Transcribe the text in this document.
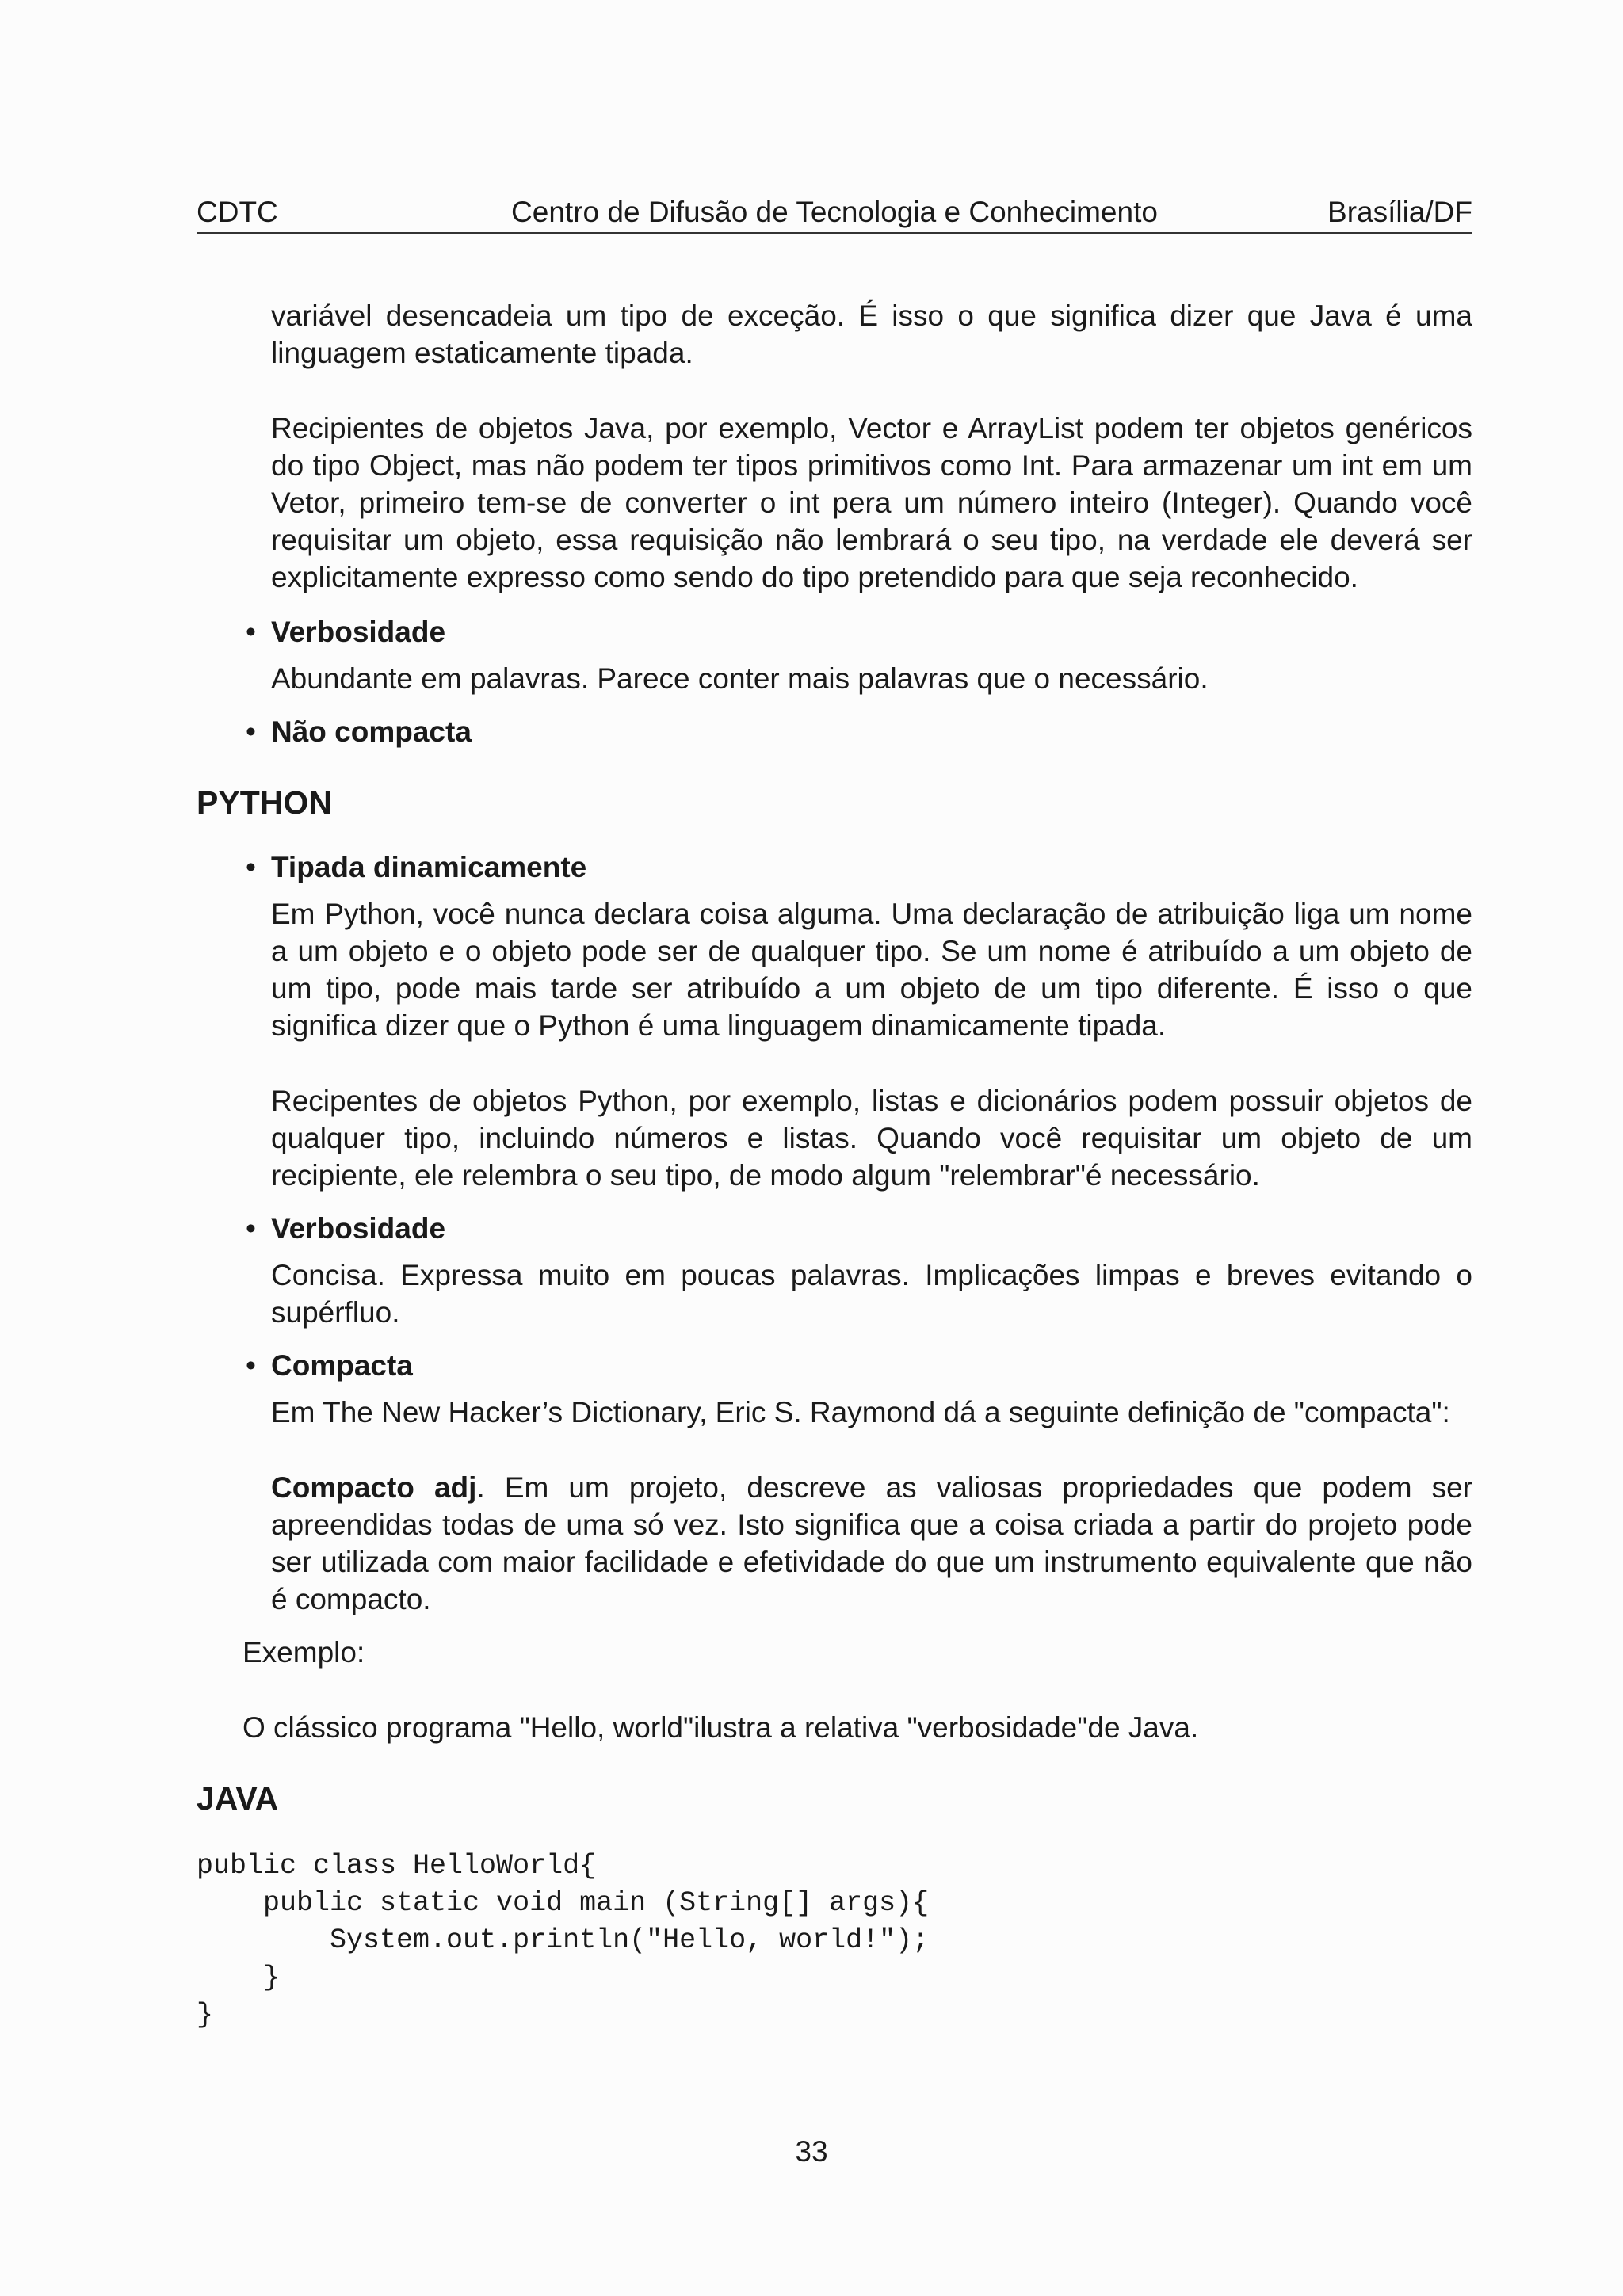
CDTC	Centro de Difusão de Tecnologia e Conhecimento	Brasília/DF

variável desencadeia um tipo de exceção. É isso o que significa dizer que Java é uma linguagem estaticamente tipada.

Recipientes de objetos Java, por exemplo, Vector e ArrayList podem ter objetos genéricos do tipo Object, mas não podem ter tipos primitivos como Int. Para armazenar um int em um Vetor, primeiro tem-se de converter o int pera um número inteiro (Integer). Quando você requisitar um objeto, essa requisição não lembrará o seu tipo, na verdade ele deverá ser explicitamente expresso como sendo do tipo pretendido para que seja reconhecido.

• Verbosidade

Abundante em palavras. Parece conter mais palavras que o necessário.

• Não compacta
PYTHON
• Tipada dinamicamente

Em Python, você nunca declara coisa alguma. Uma declaração de atribuição liga um nome a um objeto e o objeto pode ser de qualquer tipo. Se um nome é atribuído a um objeto de um tipo, pode mais tarde ser atribuído a um objeto de um tipo diferente. É isso o que significa dizer que o Python é uma linguagem dinamicamente tipada.

Recipentes de objetos Python, por exemplo, listas e dicionários podem possuir objetos de qualquer tipo, incluindo números e listas. Quando você requisitar um objeto de um recipiente, ele relembra o seu tipo, de modo algum "relembrar"é necessário.

• Verbosidade

Concisa. Expressa muito em poucas palavras. Implicações limpas e breves evitando o supérfluo.

• Compacta

Em The New Hacker’s Dictionary, Eric S. Raymond dá a seguinte definição de "compacta":

Compacto adj. Em um projeto, descreve as valiosas propriedades que podem ser apreendidas todas de uma só vez. Isto significa que a coisa criada a partir do projeto pode ser utilizada com maior facilidade e efetividade do que um instrumento equivalente que não é compacto.

Exemplo:

O clássico programa "Hello, world"ilustra a relativa "verbosidade"de Java.

JAVA
public class HelloWorld{
public static void main (String[] args){
System.out.println("Hello, world!");
}
}
33
